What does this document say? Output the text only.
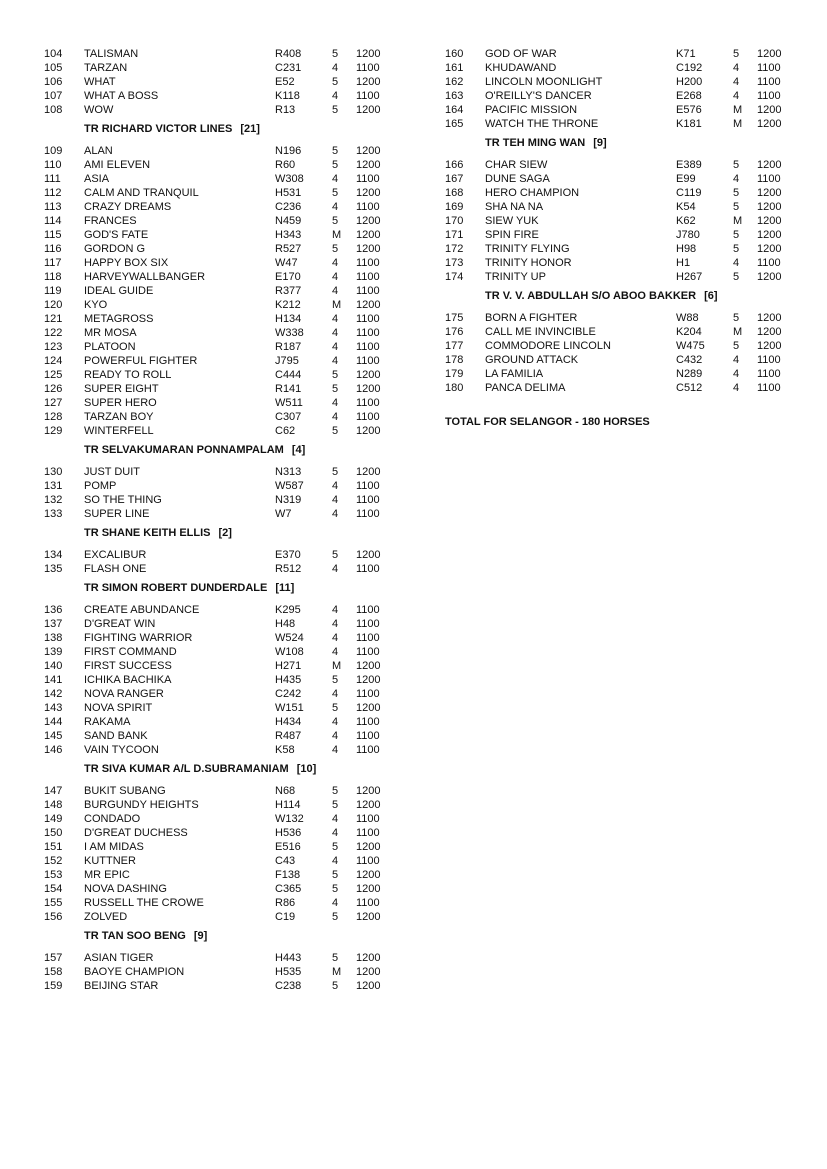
104 TALISMAN	R408	5 1200
105 TARZAN	C231	4 1100
106 WHAT	E52	5 1200
107 WHAT A BOSS	K118	4 1100
108 WOW	R13	5 1200
TR RICHARD VICTOR LINES [21]
109 ALAN	N196	5 1200
110 AMI ELEVEN	R60	5 1200
111 ASIA	W308	4 1100
112 CALM AND TRANQUIL	H531	5 1200
113 CRAZY DREAMS	C236	4 1100
114 FRANCES	N459	5 1200
115 GOD'S FATE	H343	M 1200
116 GORDON G	R527	5 1200
117 HAPPY BOX SIX	W47	4 1100
118 HARVEYWALLBANGER	E170	4 1100
119 IDEAL GUIDE	R377	4 1100
120 KYO	K212	M 1200
121 METAGROSS	H134	4 1100
122 MR MOSA	W338	4 1100
123 PLATOON	R187	4 1100
124 POWERFUL FIGHTER	J795	4 1100
125 READY TO ROLL	C444	5 1200
126 SUPER EIGHT	R141	5 1200
127 SUPER HERO	W511	4 1100
128 TARZAN BOY	C307	4 1100
129 WINTERFELL	C62	5 1200
TR SELVAKUMARAN PONNAMPALAM [4]
130 JUST DUIT	N313	5 1200
131 POMP	W587	4 1100
132 SO THE THING	N319	4 1100
133 SUPER LINE	W7	4 1100
TR SHANE KEITH ELLIS [2]
134 EXCALIBUR	E370	5 1200
135 FLASH ONE	R512	4 1100
TR SIMON ROBERT DUNDERDALE [11]
136 CREATE ABUNDANCE	K295	4 1100
137 D'GREAT WIN	H48	4 1100
138 FIGHTING WARRIOR	W524	4 1100
139 FIRST COMMAND	W108	4 1100
140 FIRST SUCCESS	H271	M 1200
141 ICHIKA BACHIKA	H435	5 1200
142 NOVA RANGER	C242	4 1100
143 NOVA SPIRIT	W151	5 1200
144 RAKAMA	H434	4 1100
145 SAND BANK	R487	4 1100
146 VAIN TYCOON	K58	4 1100
TR SIVA KUMAR A/L D.SUBRAMANIAM [10]
147 BUKIT SUBANG	N68	5 1200
148 BURGUNDY HEIGHTS	H114	5 1200
149 CONDADO	W132	4 1100
150 D'GREAT DUCHESS	H536	4 1100
151 I AM MIDAS	E516	5 1200
152 KUTTNER	C43	4 1100
153 MR EPIC	F138	5 1200
154 NOVA DASHING	C365	5 1200
155 RUSSELL THE CROWE	R86	4 1100
156 ZOLVED	C19	5 1200
TR TAN SOO BENG [9]
157 ASIAN TIGER	H443	5 1200
158 BAOYE CHAMPION	H535	M 1200
159 BEIJING STAR	C238	5 1200
160 GOD OF WAR	K71	5 1200
161 KHUDAWAND	C192	4 1100
162 LINCOLN MOONLIGHT	H200	4 1100
163 O'REILLY'S DANCER	E268	4 1100
164 PACIFIC MISSION	E576	M 1200
165 WATCH THE THRONE	K181	M 1200
TR TEH MING WAN [9]
166 CHAR SIEW	E389	5 1200
167 DUNE SAGA	E99	4 1100
168 HERO CHAMPION	C119	5 1200
169 SHA NA NA	K54	5 1200
170 SIEW YUK	K62	M 1200
171 SPIN FIRE	J780	5 1200
172 TRINITY FLYING	H98	5 1200
173 TRINITY HONOR	H1	4 1100
174 TRINITY UP	H267	5 1200
TR V. V. ABDULLAH S/O ABOO BAKKER [6]
175 BORN A FIGHTER	W88	5 1200
176 CALL ME INVINCIBLE	K204	M 1200
177 COMMODORE LINCOLN	W475	5 1200
178 GROUND ATTACK	C432	4 1100
179 LA FAMILIA	N289	4 1100
180 PANCA DELIMA	C512	4 1100
TOTAL FOR SELANGOR - 180 HORSES
